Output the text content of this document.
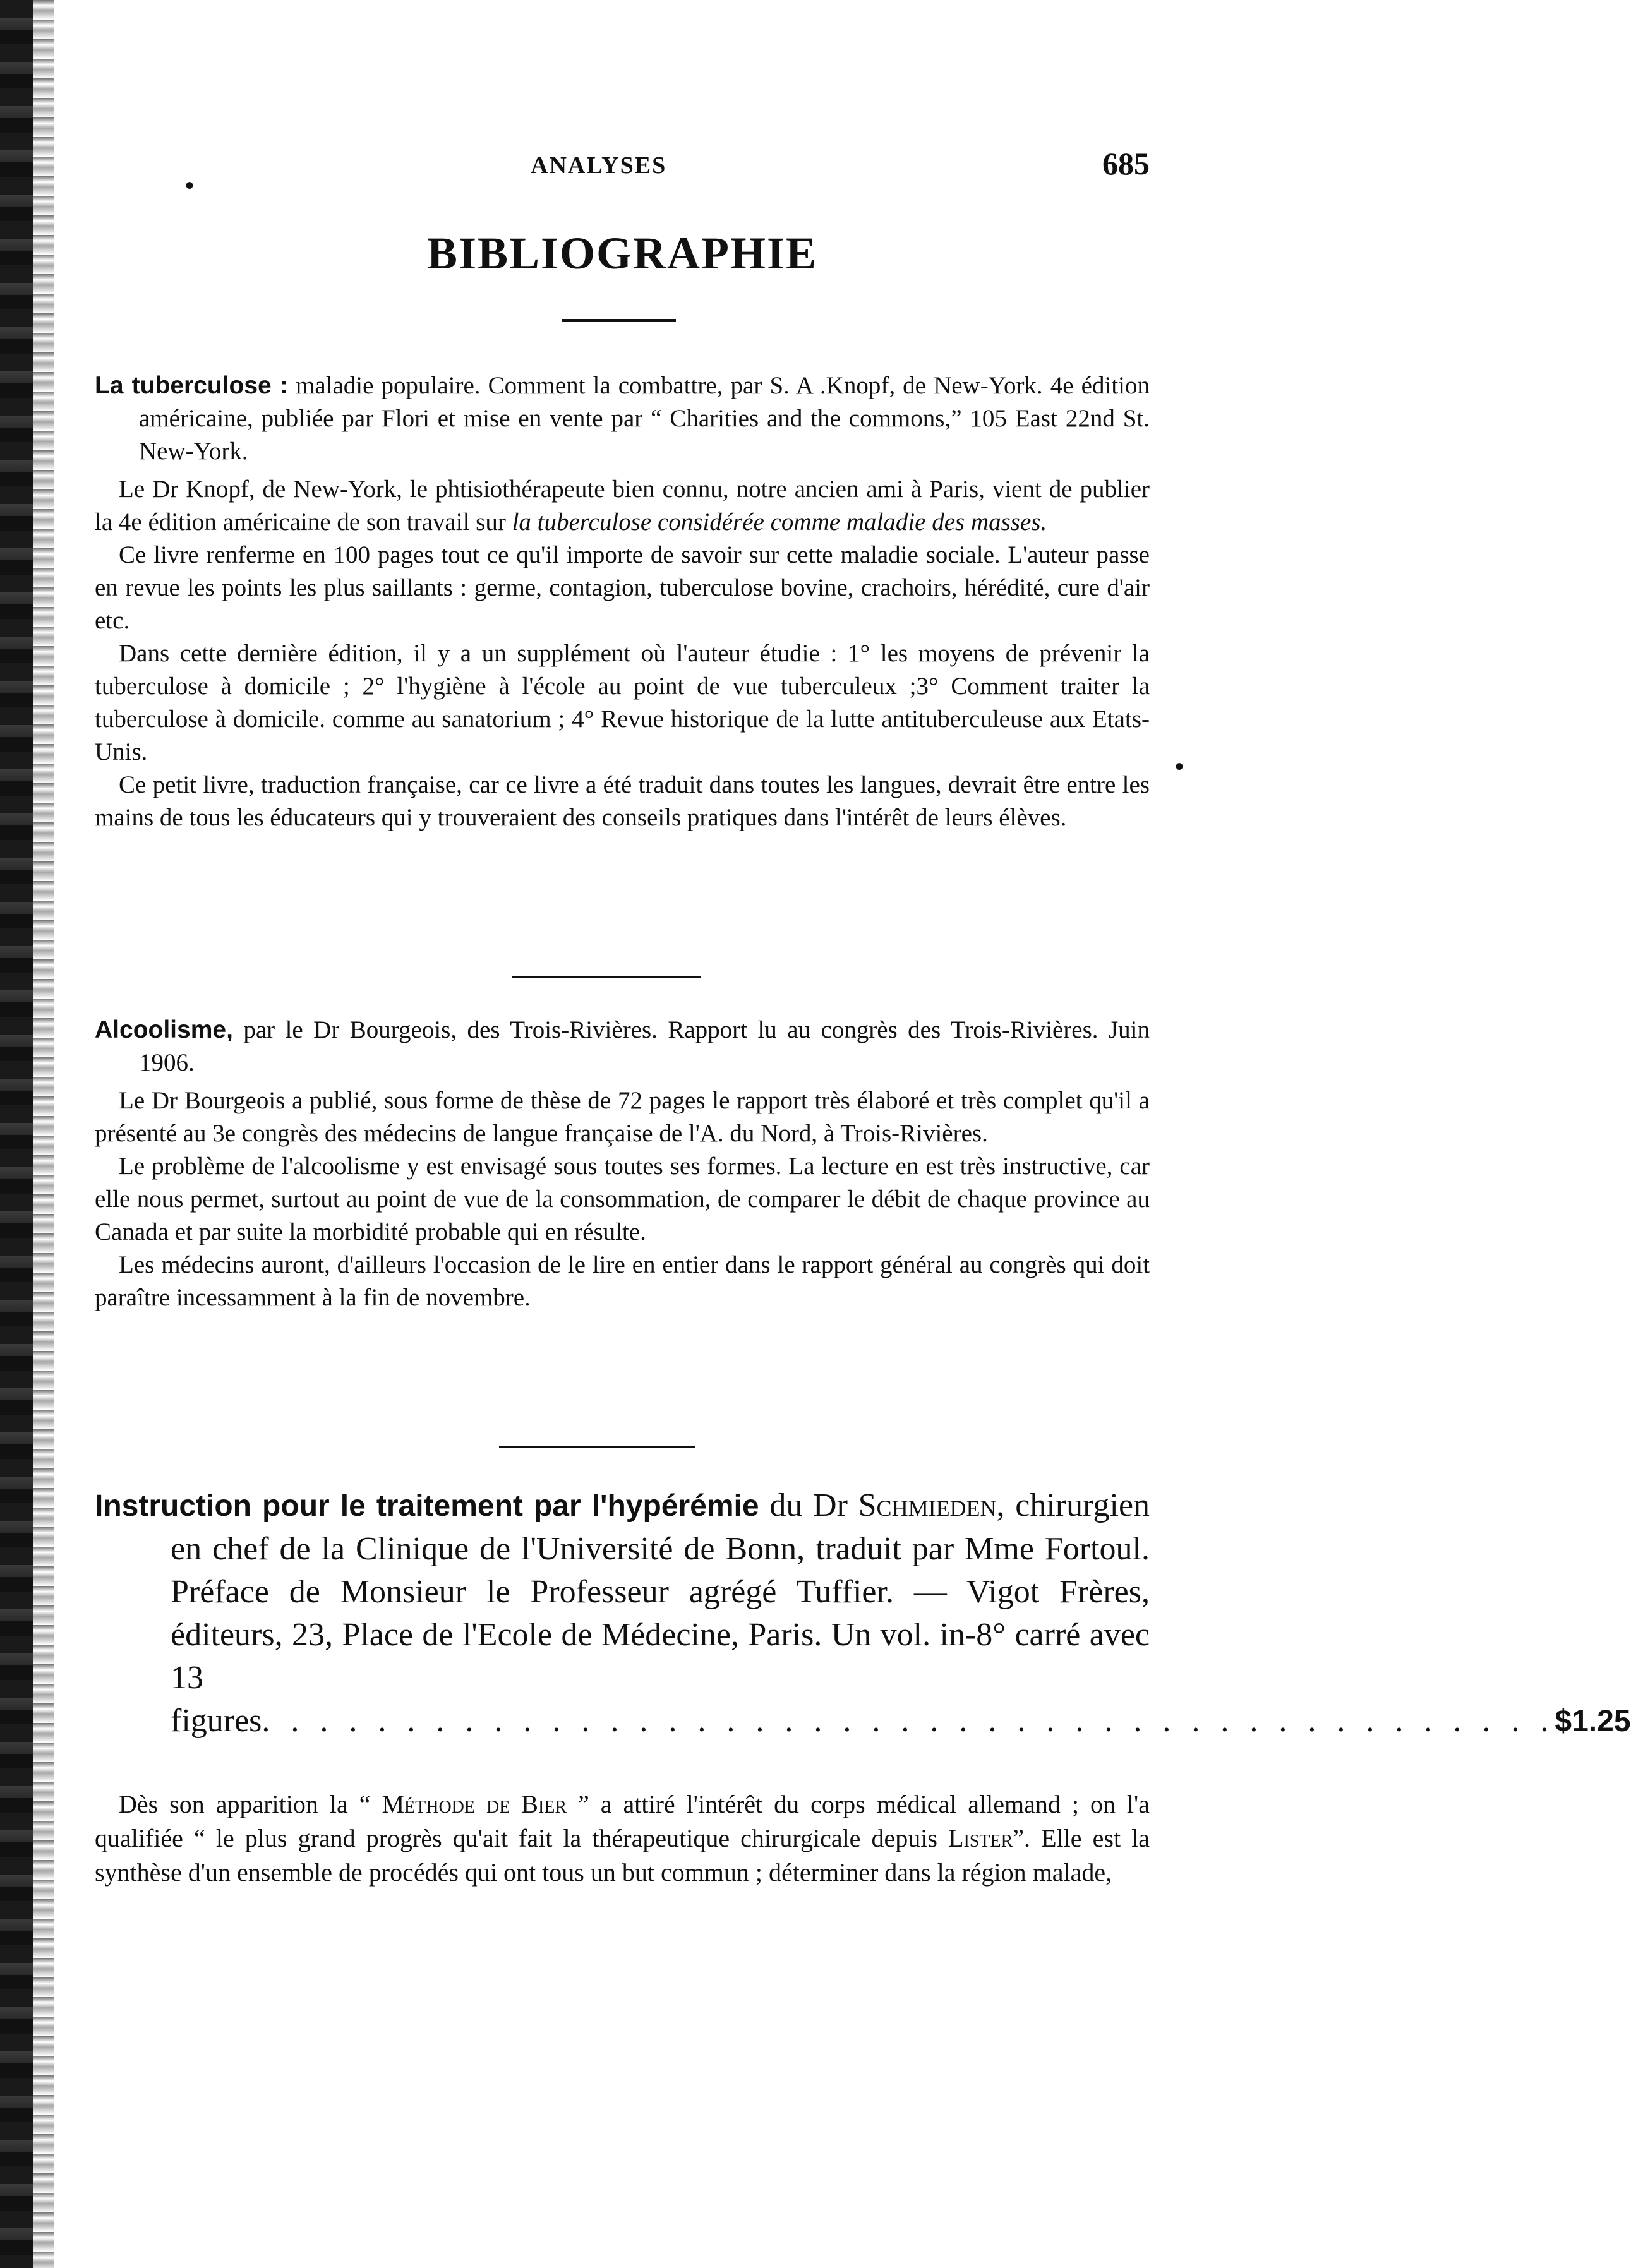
ANALYSES	685
BIBLIOGRAPHIE
La tuberculose : maladie populaire. Comment la combattre, par S. A .Knopf, de New-York. 4e édition américaine, publiée par Flori et mise en vente par “ Charities and the commons,” 105 East 22nd St. New-York.

Le Dr Knopf, de New-York, le phtisiothérapeute bien connu, notre ancien ami à Paris, vient de publier la 4e édition américaine de son travail sur la tuberculose considérée comme maladie des masses.

Ce livre renferme en 100 pages tout ce qu'il importe de savoir sur cette maladie sociale. L'auteur passe en revue les points les plus saillants : germe, contagion, tuberculose bovine, crachoirs, hérédité, cure d'air etc.

Dans cette dernière édition, il y a un supplément où l'auteur étudie : 1° les moyens de prévenir la tuberculose à domicile ; 2° l'hygiène à l'école au point de vue tuberculeux ;3° Comment traiter la tuberculose à domicile. comme au sanatorium ; 4° Revue historique de la lutte antituberculeuse aux Etats-Unis.

Ce petit livre, traduction française, car ce livre a été traduit dans toutes les langues, devrait être entre les mains de tous les éducateurs qui y trouveraient des conseils pratiques dans l'intérêt de leurs élèves.

Alcoolisme, par le Dr Bourgeois, des Trois-Rivières. Rapport lu au congrès des Trois-Rivières. Juin 1906.

Le Dr Bourgeois a publié, sous forme de thèse de 72 pages le rapport très élaboré et très complet qu'il a présenté au 3e congrès des médecins de langue française de l'A. du Nord, à Trois-Rivières.

Le problème de l'alcoolisme y est envisagé sous toutes ses formes. La lecture en est très instructive, car elle nous permet, surtout au point de vue de la consommation, de comparer le débit de chaque province au Canada et par suite la morbidité probable qui en résulte.

Les médecins auront, d'ailleurs l'occasion de le lire en entier dans le rapport général au congrès qui doit paraître incessamment à la fin de novembre.

Instruction pour le traitement par l'hypérémie du Dr Schmieden, chirurgien en chef de la Clinique de l'Université de Bonn, traduit par Mme Fortoul. Préface de Monsieur le Professeur agrégé Tuffier. — Vigot Frères, éditeurs, 23, Place de l'Ecole de Médecine, Paris. Un vol. in-8° carré avec 13
figures . . . . . . . . . . . . . . . . . . . . . . . . . . . . . . . . . . . . . . . . . . . . . $1.25

Dès son apparition la “ Méthode de Bier ” a attiré l'intérêt du corps médical allemand ; on l'a qualifiée “ le plus grand progrès qu'ait fait la thérapeutique chirurgicale depuis Lister”. Elle est la synthèse d'un ensemble de procédés qui ont tous un but commun ; déterminer dans la région malade,

•
•
